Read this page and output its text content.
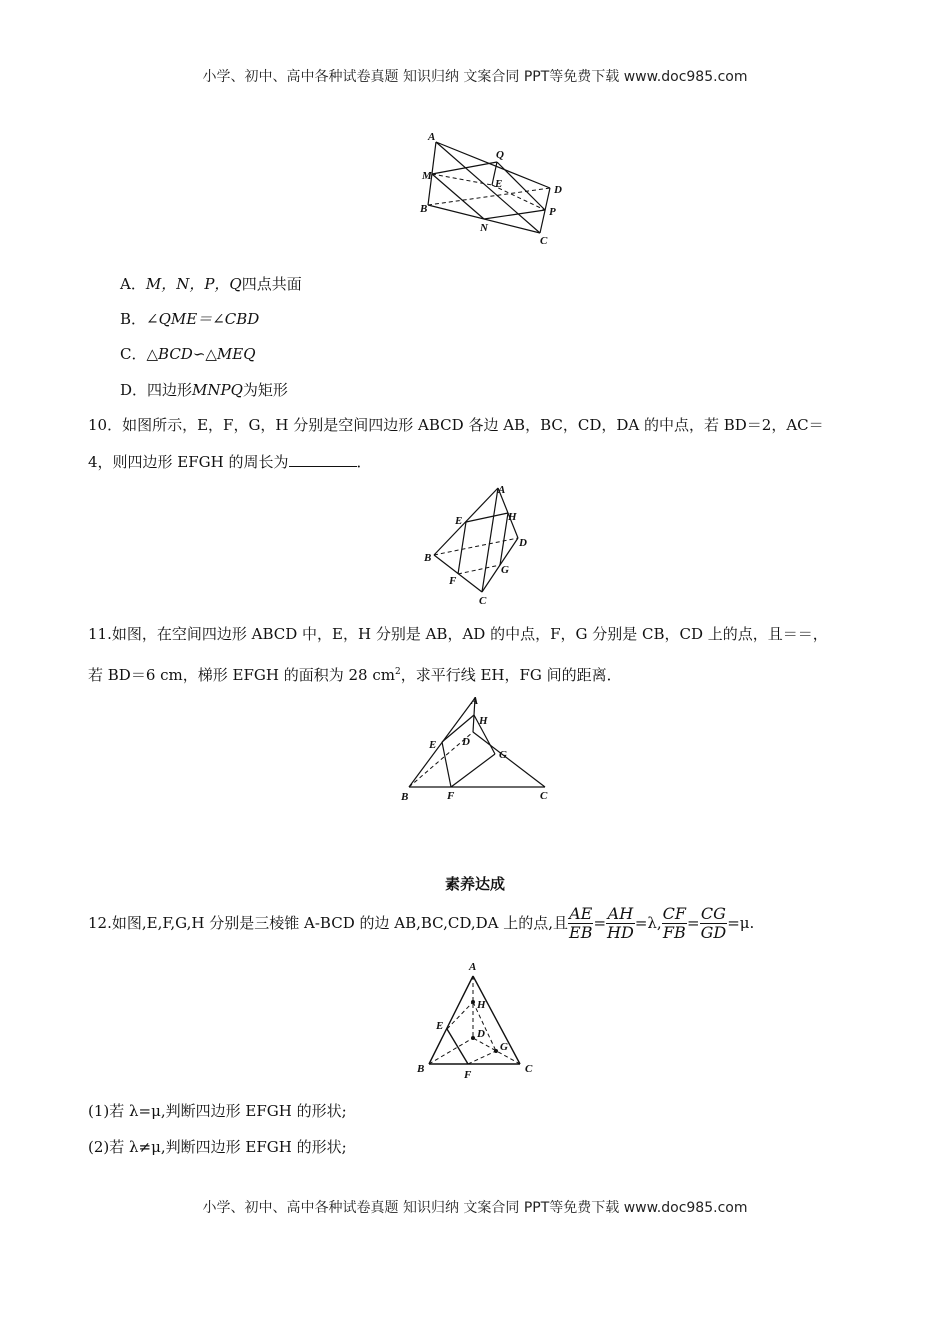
小学、初中、高中各种试卷真题 知识归纳 文案合同 PPT等免费下载 www.doc985.com
A
Q
M
E	D
B	P
N
C
A．M，N，P，Q四点共面
B．∠QME＝∠CBD
C．△BCD∽△MEQ
D．四边形MNPQ为矩形
10．如图所示，E，F，G，H 分别是空间四边形 ABCD 各边 AB，BC，CD，DA 的中点，若 BD＝2，AC＝
4，则四边形 EFGH 的周长为	．
A
E	H
D
B
G
F
C
11.如图，在空间四边形 ABCD 中，E，H 分别是 AB，AD 的中点，F，G 分别是 CB，CD 上的点，且＝＝，
若 BD＝6 cm，梯形 EFGH 的面积为 28 $cm^2$，求平行线 EH，FG 间的距离．
A
H
E D
G
B	F	C
素养达成
12.如图,E,F,G,H 分别是三棱锥 A-BCD 的边 AB,BC,CD,DA 上的点,且 $\frac{AE}{EB} = \frac{AH}{HD} =\lambda$, $\frac{CF}{FB} = \frac{CG}{GD} =\mu$.
A
H
E
D
G
B	F	C
(1)若 λ=μ,判断四边形 EFGH 的形状;
(2)若 λ≠μ,判断四边形 EFGH 的形状;
小学、初中、高中各种试卷真题 知识归纳 文案合同 PPT等免费下载 www.doc985.com
